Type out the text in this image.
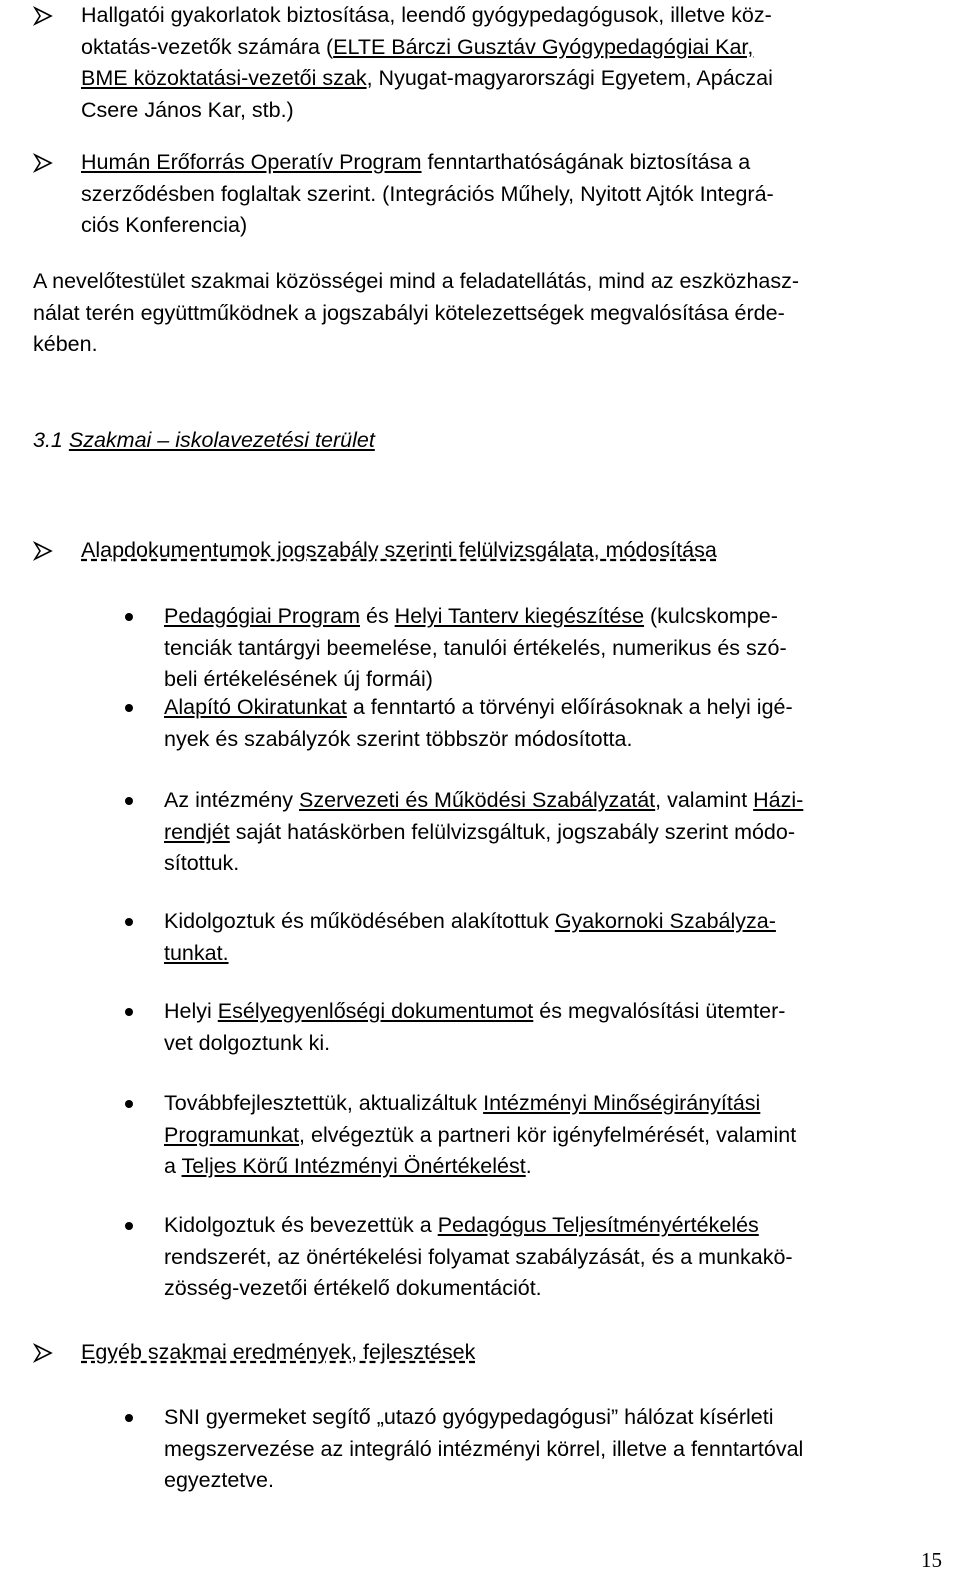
Hallgatói gyakorlatok biztosítása, leendő gyógypedagógusok, illetve köz-
oktatás-vezetők számára (ELTE Bárczi Gusztáv Gyógypedagógiai Kar,
BME közoktatási-vezetői szak, Nyugat-magyarországi Egyetem, Apáczai
Csere János Kar, stb.)

Humán Erőforrás Operatív Program fenntarthatóságának biztosítása a
szerződésben foglaltak szerint. (Integrációs Műhely, Nyitott Ajtók Integrá-
ciós Konferencia)

A nevelőtestület szakmai közösségei mind a feladatellátás, mind az eszközhasz-
nálat terén együttműködnek a jogszabályi kötelezettségek megvalósítása érde-
kében.

3.1 Szakmai – iskolavezetési terület

Alapdokumentumok jogszabály szerinti felülvizsgálata, módosítása

Pedagógiai Program és Helyi Tanterv kiegészítése (kulcskompe-
tenciák tantárgyi beemelése, tanulói értékelés, numerikus és szó-
beli értékelésének új formái)

Alapító Okiratunkat a fenntartó a törvényi előírásoknak a helyi igé-
nyek és szabályzók szerint többször módosította.

Az intézmény Szervezeti és Működési Szabályzatát, valamint Házi-
rendjét saját hatáskörben felülvizsgáltuk, jogszabály szerint módo-
sítottuk.

Kidolgoztuk és működésében alakítottuk Gyakornoki Szabályza-
tunkat.

Helyi Esélyegyenlőségi dokumentumot és megvalósítási ütemter-
vet dolgoztunk ki.

Továbbfejlesztettük, aktualizáltuk Intézményi Minőségirányítási
Programunkat, elvégeztük a partneri kör igényfelmérését, valamint
a Teljes Körű Intézményi Önértékelést.

Kidolgoztuk és bevezettük a Pedagógus Teljesítményértékelés
rendszerét, az önértékelési folyamat szabályzását, és a munkakö-
zösség-vezetői értékelő dokumentációt.

Egyéb szakmai eredmények, fejlesztések

SNI gyermeket segítő „utazó gyógypedagógusi” hálózat kísérleti
megszervezése az integráló intézményi körrel, illetve a fenntartóval
egyeztetve.

15
